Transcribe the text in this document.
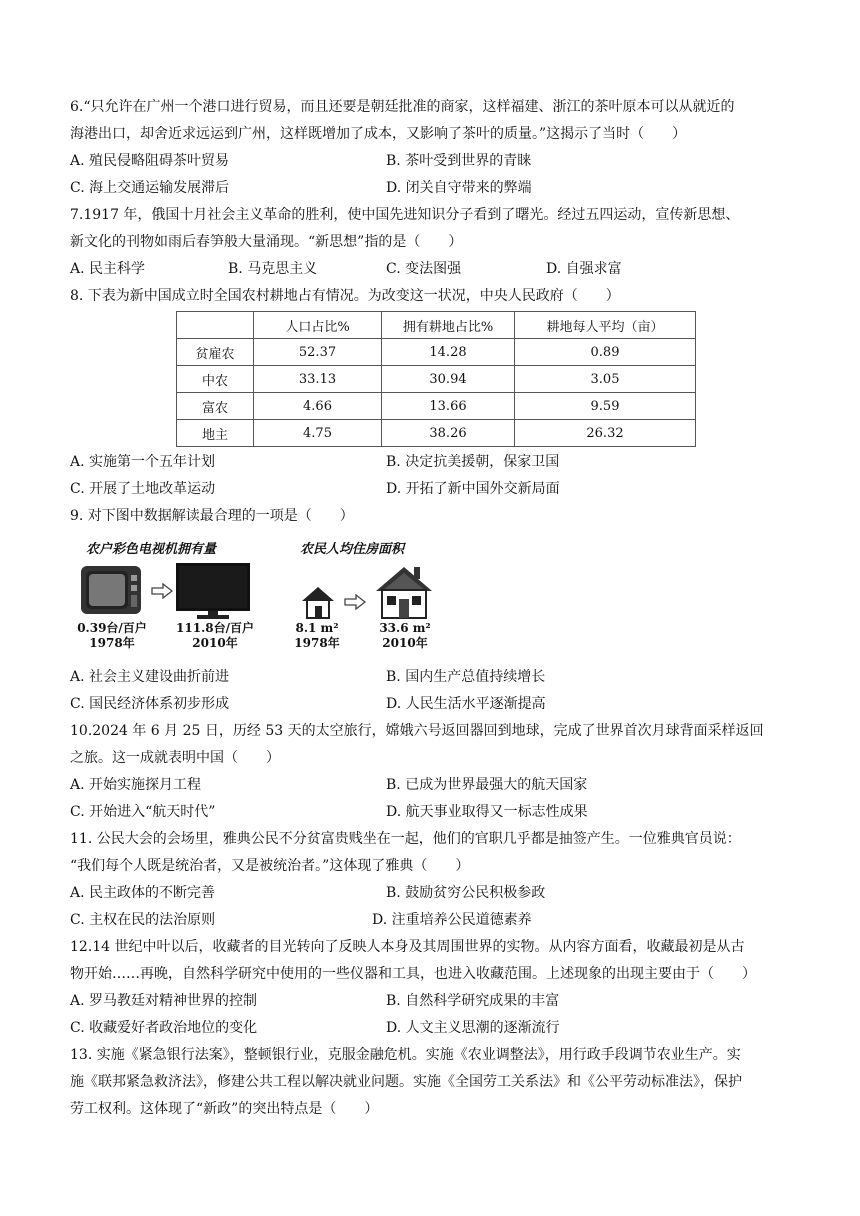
6.“只允许在广州一个港口进行贸易，而且还要是朝廷批准的商家，这样福建、浙江的茶叶原本可以从就近的
海港出口，却舍近求远运到广州，这样既增加了成本，又影响了茶叶的质量。”这揭示了当时（　　）
A. 殖民侵略阻碍茶叶贸易	B. 茶叶受到世界的青睐
C. 海上交通运输发展滞后	D. 闭关自守带来的弊端
7.1917 年，俄国十月社会主义革命的胜利，使中国先进知识分子看到了曙光。经过五四运动，宣传新思想、
新文化的刊物如雨后春笋般大量涌现。“新思想”指的是（　　）
A. 民主科学	B. 马克思主义	C. 变法图强	D. 自强求富
8. 下表为新中国成立时全国农村耕地占有情况。为改变这一状况，中央人民政府（　　）
	人口占比%	拥有耕地占比%	耕地每人平均（亩）
贫雇农	52.37	14.28	0.89
中农	33.13	30.94	3.05
富农	4.66	13.66	9.59
地主	4.75	38.26	26.32
A. 实施第一个五年计划	B. 决定抗美援朝，保家卫国
C. 开展了土地改革运动	D. 开拓了新中国外交新局面
9. 对下图中数据解读最合理的一项是（　　）
农户彩色电视机拥有量	农民人均住房面积
0.39台/百户
1978年
111.8台/百户
2010年
8.1 m²
1978年
33.6 m²
2010年
A. 社会主义建设曲折前进	B. 国内生产总值持续增长
C. 国民经济体系初步形成	D. 人民生活水平逐渐提高
10.2024 年 6 月 25 日，历经 53 天的太空旅行，嫦娥六号返回器回到地球，完成了世界首次月球背面采样返回
之旅。这一成就表明中国（　　）
A. 开始实施探月工程	B. 已成为世界最强大的航天国家
C. 开始进入“航天时代”	D. 航天事业取得又一标志性成果
11. 公民大会的会场里，雅典公民不分贫富贵贱坐在一起，他们的官职几乎都是抽签产生。一位雅典官员说：
“我们每个人既是统治者，又是被统治者。”这体现了雅典（　　）
A. 民主政体的不断完善	B. 鼓励贫穷公民积极参政
C. 主权在民的法治原则	D. 注重培养公民道德素养
12.14 世纪中叶以后，收藏者的目光转向了反映人本身及其周围世界的实物。从内容方面看，收藏最初是从古
物开始……再晚，自然科学研究中使用的一些仪器和工具，也进入收藏范围。上述现象的出现主要由于（　　）
A. 罗马教廷对精神世界的控制	B. 自然科学研究成果的丰富
C. 收藏爱好者政治地位的变化	D. 人文主义思潮的逐渐流行
13. 实施《紧急银行法案》，整顿银行业，克服金融危机。实施《农业调整法》，用行政手段调节农业生产。实
施《联邦紧急救济法》，修建公共工程以解决就业问题。实施《全国劳工关系法》和《公平劳动标准法》，保护
劳工权利。这体现了“新政”的突出特点是（　　）
